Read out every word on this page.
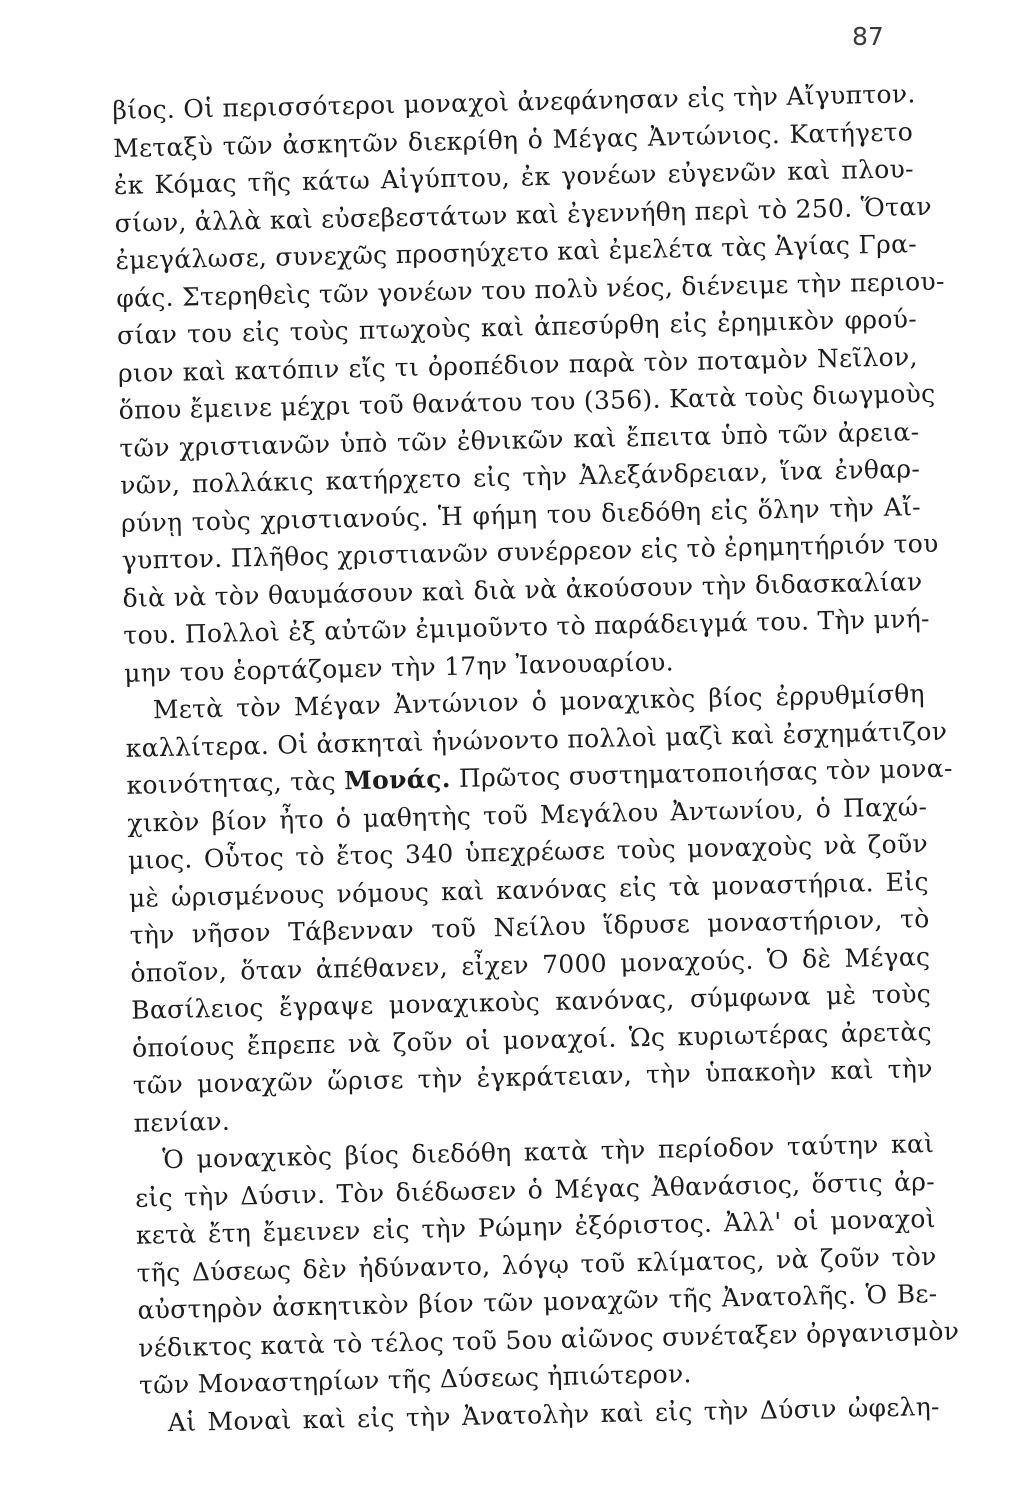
87
βίος. Οἱ περισσότεροι μοναχοὶ ἀνεφάνησαν εἰς τὴν Αἴγυπτον.
Μεταξὺ τῶν ἀσκητῶν διεκρίθη ὁ Μέγας Ἀντώνιος. Κατήγετο
ἐκ Κόμας τῆς κάτω Αἰγύπτου, ἐκ γονέων εὐγενῶν καὶ πλου-
σίων, ἀλλὰ καὶ εὐσεβεστάτων καὶ ἐγεννήθη περὶ τὸ 250. Ὅταν
ἐμεγάλωσε, συνεχῶς προσηύχετο καὶ ἐμελέτα τὰς Ἁγίας Γρα-
φάς. Στερηθεὶς τῶν γονέων του πολὺ νέος, διένειμε τὴν περιου-
σίαν του εἰς τοὺς πτωχοὺς καὶ ἀπεσύρθη εἰς ἐρημικὸν φρού-
ριον καὶ κατόπιν εἴς τι ὀροπέδιον παρὰ τὸν ποταμὸν Νεῖλον,
ὅπου ἔμεινε μέχρι τοῦ θανάτου του (356). Κατὰ τοὺς διωγμοὺς
τῶν χριστιανῶν ὑπὸ τῶν ἐθνικῶν καὶ ἔπειτα ὑπὸ τῶν ἀρεια-
νῶν, πολλάκις κατήρχετο εἰς τὴν Ἀλεξάνδρειαν, ἵνα ἐνθαρ-
ρύνῃ τοὺς χριστιανούς. Ἡ φήμη του διεδόθη εἰς ὅλην τὴν Αἴ-
γυπτον. Πλῆθος χριστιανῶν συνέρρεον εἰς τὸ ἐρημητήριόν του
διὰ νὰ τὸν θαυμάσουν καὶ διὰ νὰ ἀκούσουν τὴν διδασκαλίαν
του. Πολλοὶ ἐξ αὐτῶν ἐμιμοῦντο τὸ παράδειγμά του. Τὴν μνή-
μην του ἑορτάζομεν τὴν 17ην Ἰανουαρίου.
Μετὰ τὸν Μέγαν Ἀντώνιον ὁ μοναχικὸς βίος ἐρρυθμίσθη
καλλίτερα. Οἱ ἀσκηταὶ ἡνώνοντο πολλοὶ μαζὶ καὶ ἐσχημάτιζον
κοινότητας, τὰς Μονάς. Πρῶτος συστηματοποιήσας τὸν μονα-
χικὸν βίον ἦτο ὁ μαθητὴς τοῦ Μεγάλου Ἀντωνίου, ὁ Παχώ-
μιος. Οὗτος τὸ ἔτος 340 ὑπεχρέωσε τοὺς μοναχοὺς νὰ ζοῦν
μὲ ὡρισμένους νόμους καὶ κανόνας εἰς τὰ μοναστήρια. Εἰς
τὴν νῆσον Τάβενναν τοῦ Νείλου ἵδρυσε μοναστήριον, τὸ
ὁποῖον, ὅταν ἀπέθανεν, εἶχεν 7000 μοναχούς. Ὁ δὲ Μέγας
Βασίλειος ἔγραψε μοναχικοὺς κανόνας, σύμφωνα μὲ τοὺς
ὁποίους ἔπρεπε νὰ ζοῦν οἱ μοναχοί. Ὡς κυριωτέρας ἀρετὰς
τῶν μοναχῶν ὥρισε τὴν ἐγκράτειαν, τὴν ὑπακοὴν καὶ τὴν
πενίαν.
Ὁ μοναχικὸς βίος διεδόθη κατὰ τὴν περίοδον ταύτην καὶ
εἰς τὴν Δύσιν. Τὸν διέδωσεν ὁ Μέγας Ἀθανάσιος, ὅστις ἀρ-
κετὰ ἔτη ἔμεινεν εἰς τὴν Ρώμην ἐξόριστος. Ἀλλ' οἱ μοναχοὶ
τῆς Δύσεως δὲν ἠδύναντο, λόγῳ τοῦ κλίματος, νὰ ζοῦν τὸν
αὐστηρὸν ἀσκητικὸν βίον τῶν μοναχῶν τῆς Ἀνατολῆς. Ὁ Βε-
νέδικτος κατὰ τὸ τέλος τοῦ 5ου αἰῶνος συνέταξεν ὀργανισμὸν
τῶν Μοναστηρίων τῆς Δύσεως ἠπιώτερον.
Αἱ Μοναὶ καὶ εἰς τὴν Ἀνατολὴν καὶ εἰς τὴν Δύσιν ὠφελη-
